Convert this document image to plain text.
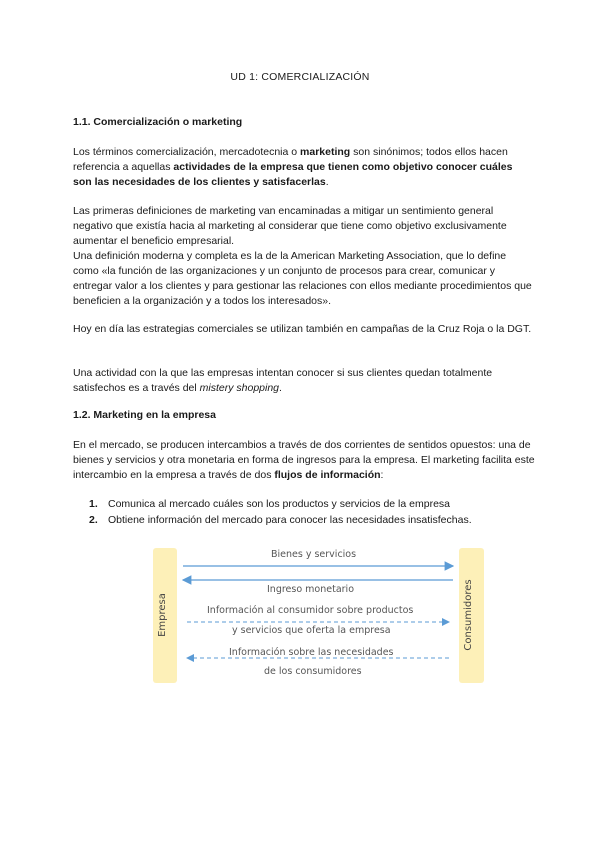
UD 1: COMERCIALIZACIÓN
1.1. Comercialización o marketing
Los términos comercialización, mercadotecnia o marketing son sinónimos; todos ellos hacen referencia a aquellas actividades de la empresa que tienen como objetivo conocer cuáles son las necesidades de los clientes y satisfacerlas.
Las primeras definiciones de marketing van encaminadas a mitigar un sentimiento general negativo que existía hacia al marketing al considerar que tiene como objetivo exclusivamente aumentar el beneficio empresarial.
Una definición moderna y completa es la de la American Marketing Association, que lo define como «la función de las organizaciones y un conjunto de procesos para crear, comunicar y entregar valor a los clientes y para gestionar las relaciones con ellos mediante procedimientos que beneficien a la organización y a todos los interesados».
Hoy en día las estrategias comerciales se utilizan también en campañas de la Cruz Roja o la DGT.
Una actividad con la que las empresas intentan conocer si sus clientes quedan totalmente satisfechos es a través del mistery shopping.
1.2. Marketing en la empresa
En el mercado, se producen intercambios a través de dos corrientes de sentidos opuestos: una de bienes y servicios y otra monetaria en forma de ingresos para la empresa. El marketing facilita este intercambio en la empresa a través de dos flujos de información:
1. Comunica al mercado cuáles son los productos y servicios de la empresa
2. Obtiene información del mercado para conocer las necesidades insatisfechas.
Empresa	Consumidores
Bienes y servicios
Ingreso monetario
Información al consumidor sobre productos
y servicios que oferta la empresa
Información sobre las necesidades
de los consumidores
